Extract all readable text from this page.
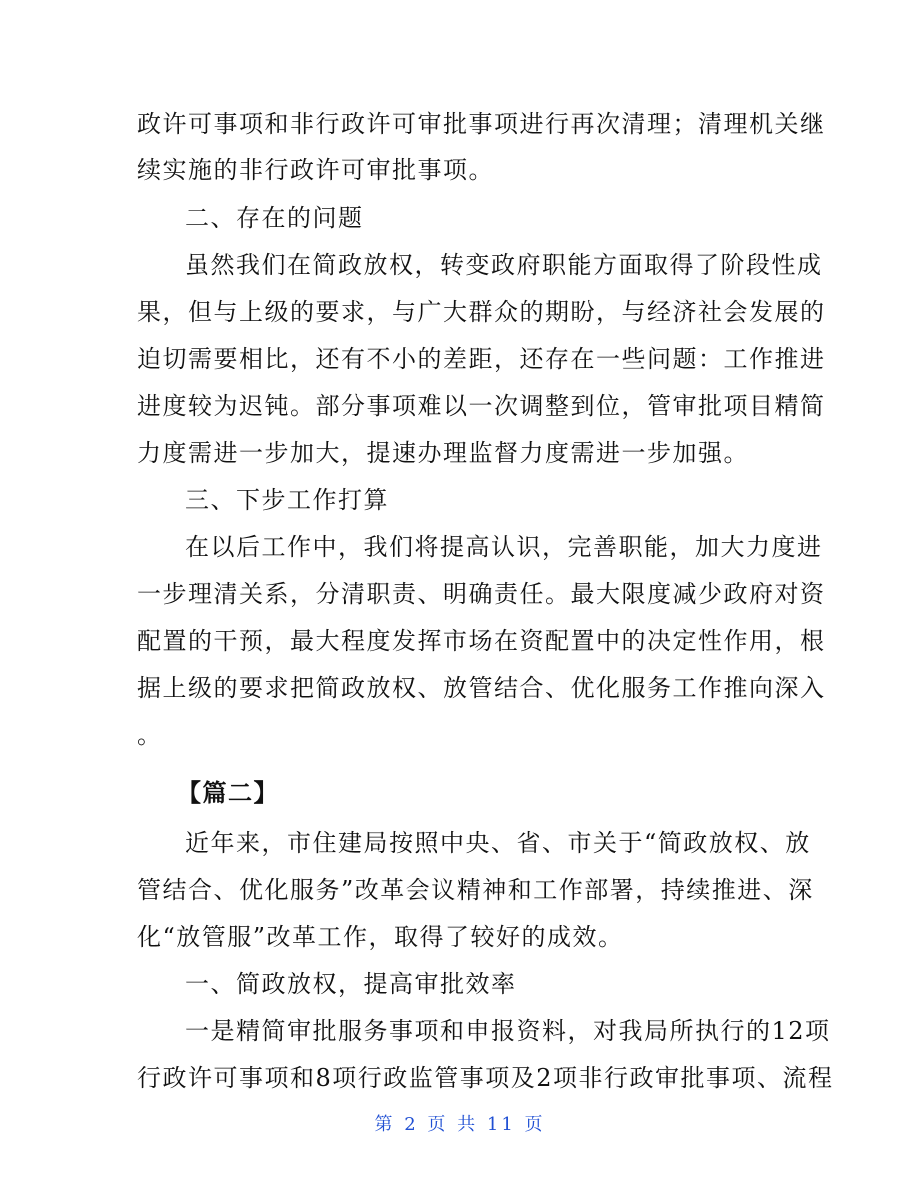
政许可事项和非行政许可审批事项进行再次清理；清理机关继
续实施的非行政许可审批事项。
二、存在的问题
虽然我们在简政放权，转变政府职能方面取得了阶段性成
果，但与上级的要求，与广大群众的期盼，与经济社会发展的
迫切需要相比，还有不小的差距，还存在一些问题：工作推进
进度较为迟钝。部分事项难以一次调整到位，管审批项目精简
力度需进一步加大，提速办理监督力度需进一步加强。
三、下步工作打算
在以后工作中，我们将提高认识，完善职能，加大力度进
一步理清关系，分清职责、明确责任。最大限度减少政府对资
配置的干预，最大程度发挥市场在资配置中的决定性作用，根
据上级的要求把简政放权、放管结合、优化服务工作推向深入
。
【篇二】
近年来，市住建局按照中央、省、市关于“简政放权、放
管结合、优化服务”改革会议精神和工作部署，持续推进、深
化“放管服”改革工作，取得了较好的成效。
一、简政放权，提高审批效率
一是精简审批服务事项和申报资料，对我局所执行的12项
行政许可事项和8项行政监管事项及2项非行政审批事项、流程
第 2 页 共 11 页
